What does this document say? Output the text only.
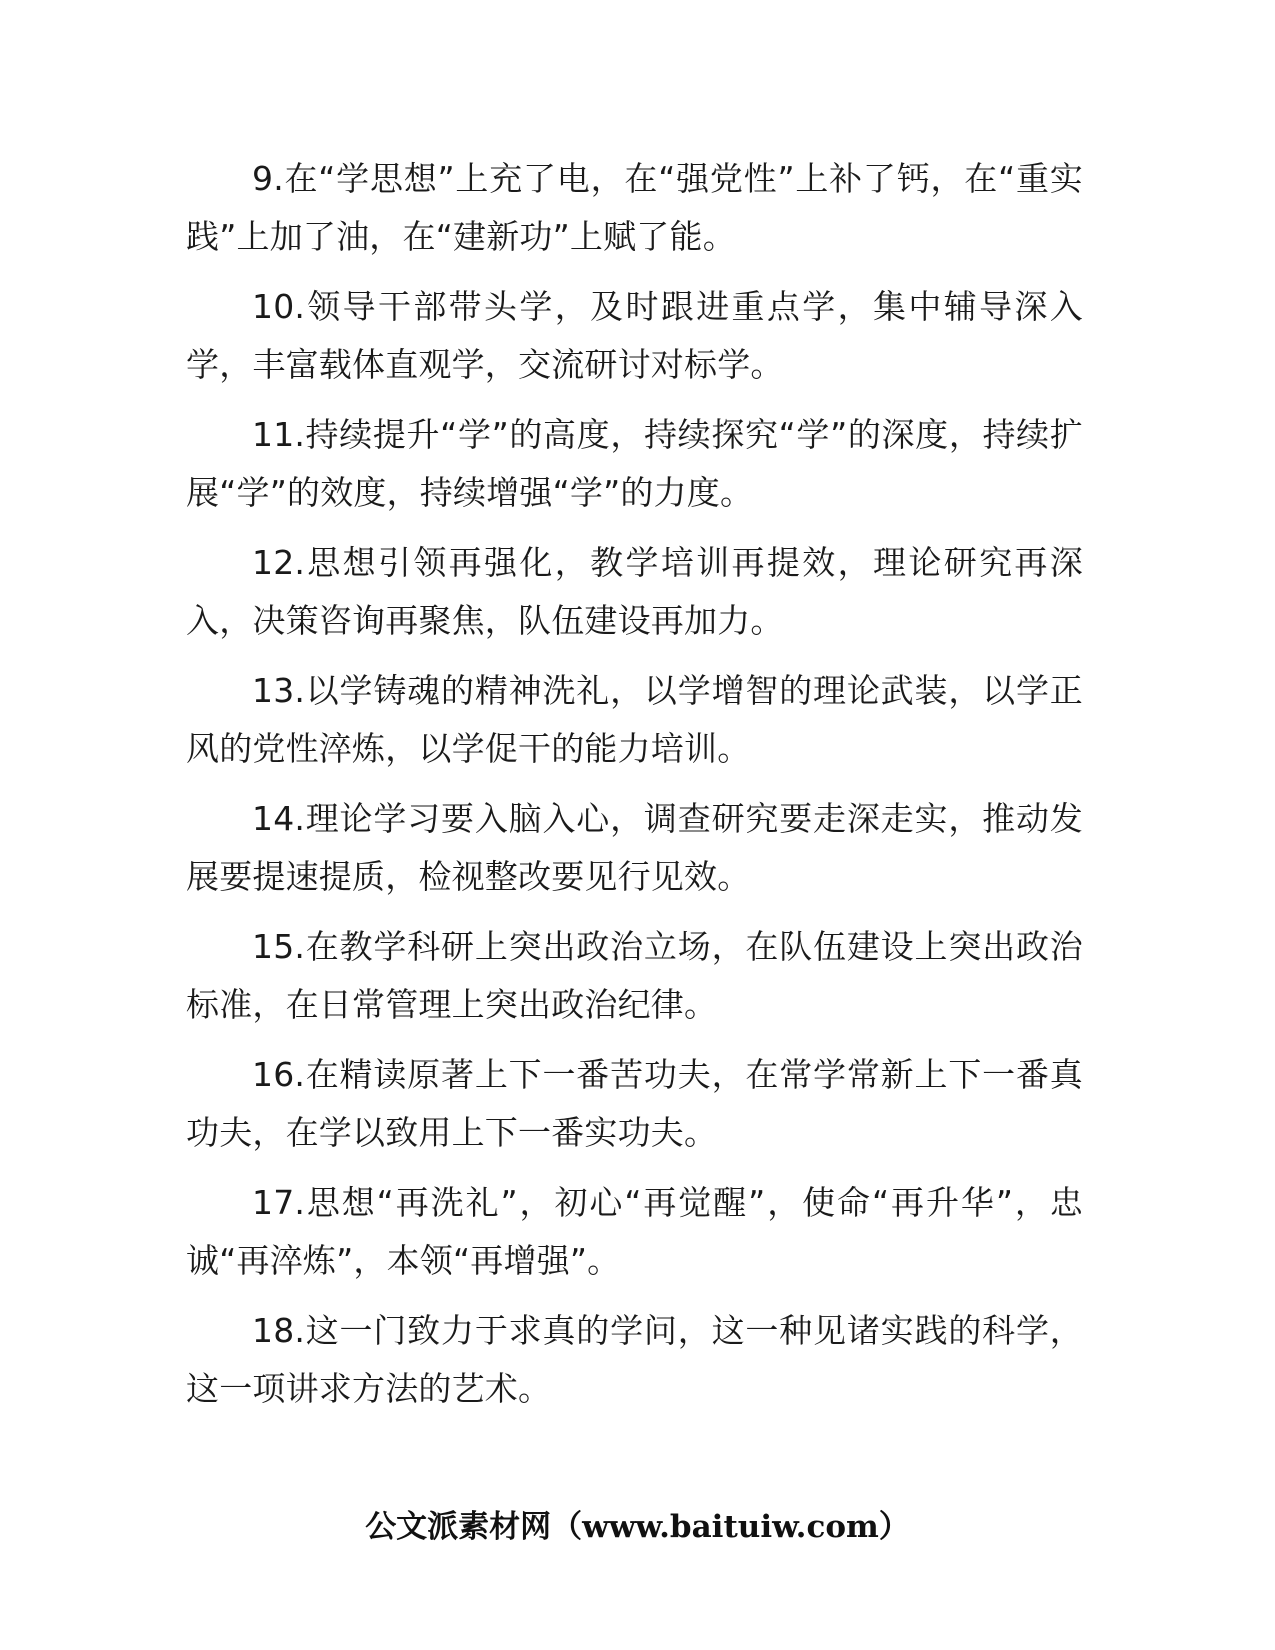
9.在“学思想”上充了电，在“强党性”上补了钙，在“重实践”上加了油，在“建新功”上赋了能。

10.领导干部带头学，及时跟进重点学，集中辅导深入学，丰富载体直观学，交流研讨对标学。

11.持续提升“学”的高度，持续探究“学”的深度，持续扩展“学”的效度，持续增强“学”的力度。

12.思想引领再强化，教学培训再提效，理论研究再深入，决策咨询再聚焦，队伍建设再加力。

13.以学铸魂的精神洗礼，以学增智的理论武装，以学正风的党性淬炼，以学促干的能力培训。

14.理论学习要入脑入心，调查研究要走深走实，推动发展要提速提质，检视整改要见行见效。

15.在教学科研上突出政治立场，在队伍建设上突出政治标准，在日常管理上突出政治纪律。

16.在精读原著上下一番苦功夫，在常学常新上下一番真功夫，在学以致用上下一番实功夫。

17.思想“再洗礼”，初心“再觉醒”，使命“再升华”，忠诚“再淬炼”，本领“再增强”。

18.这一门致力于求真的学问，这一种见诸实践的科学，这一项讲求方法的艺术。

公文派素材网（www.baituiw.com）
